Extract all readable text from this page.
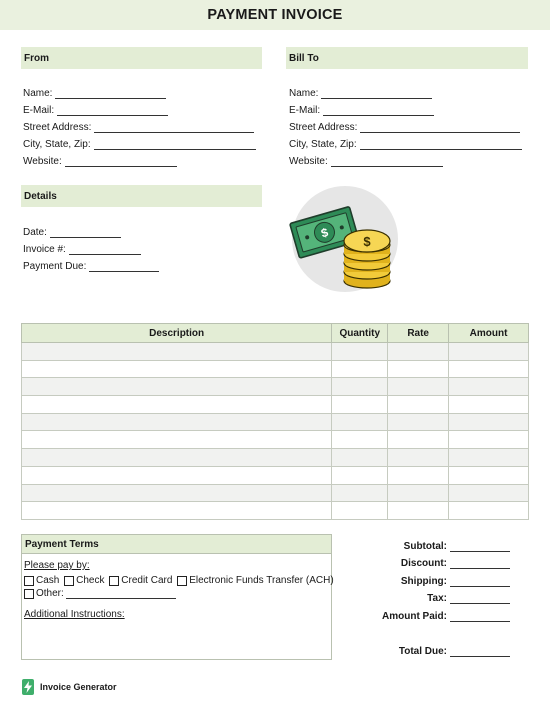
PAYMENT INVOICE
From
Name:
E-Mail:
Street Address:
City, State, Zip:
Website:
Bill To
Name:
E-Mail:
Street Address:
City, State, Zip:
Website:
Details
Date:
Invoice #:
Payment Due:
$
$
Description	Quantity	Rate	Amount

Payment Terms
Please pay by:
Cash
Check
Credit Card
Electronic Funds Transfer (ACH)
Other:
Additional Instructions:
Subtotal:
Discount:
Shipping:
Tax:
Amount Paid:
Total Due:
Invoice Generator
